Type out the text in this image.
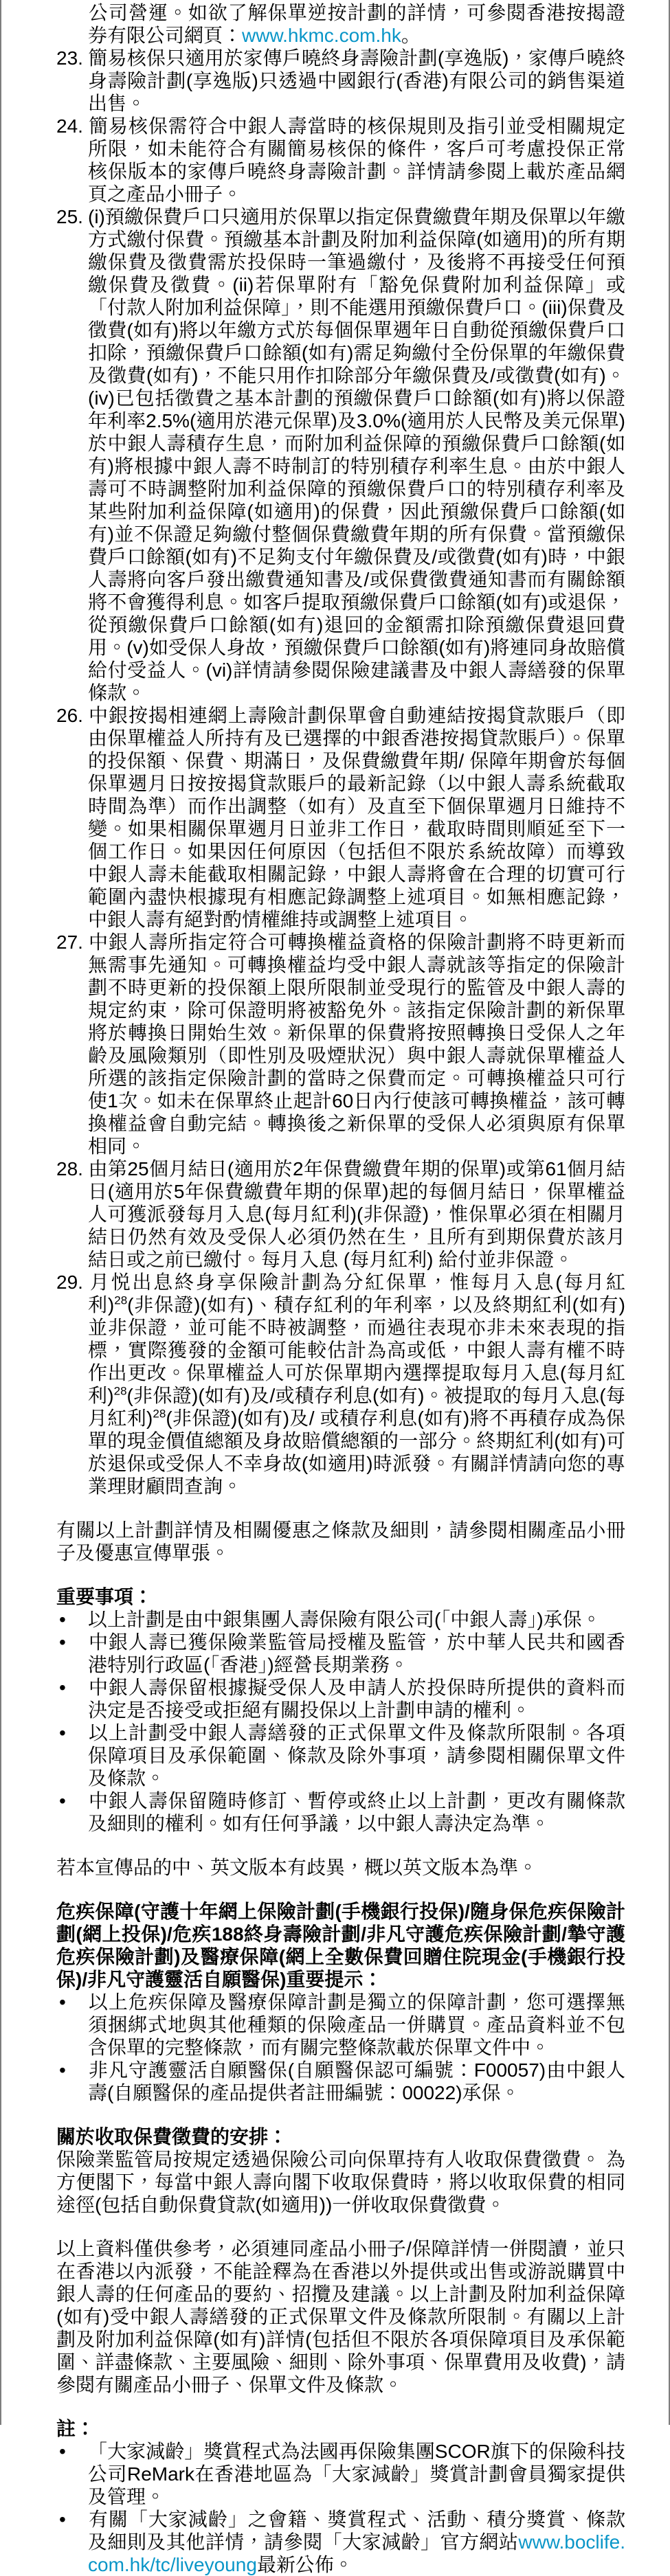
公司營運。如欲了解保單逆按計劃的詳情，可參閱香港按揭證券有限公司網頁：www.hkmc.com.hk。

23. 簡易核保只適用於家傳戶曉終身壽險計劃(享逸版)，家傳戶曉終身壽險計劃(享逸版)只透過中國銀行(香港)有限公司的銷售渠道出售。

24. 簡易核保需符合中銀人壽當時的核保規則及指引並受相關規定所限，如未能符合有關簡易核保的條件，客戶可考慮投保正常核保版本的家傳戶曉終身壽險計劃。詳情請參閱上載於產品網頁之產品小冊子。

25. (i)預繳保費戶口只適用於保單以指定保費繳費年期及保單以年繳方式繳付保費。預繳基本計劃及附加利益保障(如適用)的所有期繳保費及徵費需於投保時一筆過繳付，及後將不再接受任何預繳保費及徵費。(ii)若保單附有「豁免保費附加利益保障」或「付款人附加利益保障」，則不能選用預繳保費戶口。(iii)保費及徵費(如有)將以年繳方式於每個保單週年日自動從預繳保費戶口扣除，預繳保費戶口餘額(如有)需足夠繳付全份保單的年繳保費及徵費(如有)，不能只用作扣除部分年繳保費及/或徵費(如有)。(iv)已包括徵費之基本計劃的預繳保費戶口餘額(如有)將以保證年利率2.5%(適用於港元保單)及3.0%(適用於人民幣及美元保單)於中銀人壽積存生息，而附加利益保障的預繳保費戶口餘額(如有)將根據中銀人壽不時制訂的特別積存利率生息。由於中銀人壽可不時調整附加利益保障的預繳保費戶口的特別積存利率及某些附加利益保障(如適用)的保費，因此預繳保費戶口餘額(如有)並不保證足夠繳付整個保費繳費年期的所有保費。當預繳保費戶口餘額(如有)不足夠支付年繳保費及/或徵費(如有)時，中銀人壽將向客戶發出繳費通知書及/或保費徵費通知書而有關餘額將不會獲得利息。如客戶提取預繳保費戶口餘額(如有)或退保，從預繳保費戶口餘額(如有)退回的金額需扣除預繳保費退回費用。(v)如受保人身故，預繳保費戶口餘額(如有)將連同身故賠償給付受益人。(vi)詳情請參閱保險建議書及中銀人壽繕發的保單條款。

26. 中銀按揭相連網上壽險計劃保單會自動連結按揭貸款賬戶（即由保單權益人所持有及已選擇的中銀香港按揭貸款賬戶）。保單的投保額、保費、期滿日，及保費繳費年期/ 保障年期會於每個保單週月日按按揭貸款賬戶的最新記錄（以中銀人壽系統截取時間為準）而作出調整（如有）及直至下個保單週月日維持不變。如果相關保單週月日並非工作日，截取時間則順延至下一個工作日。如果因任何原因（包括但不限於系統故障）而導致中銀人壽未能截取相關記錄，中銀人壽將會在合理的切實可行範圍內盡快根據現有相應記錄調整上述項目。如無相應記錄，中銀人壽有絕對酌情權維持或調整上述項目。

27. 中銀人壽所指定符合可轉換權益資格的保險計劃將不時更新而無需事先通知。可轉換權益均受中銀人壽就該等指定的保險計劃不時更新的投保額上限所限制並受現行的監管及中銀人壽的規定約束，除可保證明將被豁免外。該指定保險計劃的新保單將於轉換日開始生效。新保單的保費將按照轉換日受保人之年齡及風險類別（即性別及吸煙狀況）與中銀人壽就保單權益人所選的該指定保險計劃的當時之保費而定。可轉換權益只可行使1次。如未在保單終止起計60日內行使該可轉換權益，該可轉換權益會自動完結。轉換後之新保單的受保人必須與原有保單相同。

28. 由第25個月結日(適用於2年保費繳費年期的保單)或第61個月結日(適用於5年保費繳費年期的保單)起的每個月結日，保單權益人可獲派發每月入息(每月紅利)(非保證)，惟保單必須在相關月結日仍然有效及受保人必須仍然在生，且所有到期保費於該月結日或之前已繳付。每月入息 (每月紅利) 給付並非保證。

29. 月悦出息終身享保險計劃為分紅保單，惟每月入息(每月紅利)$^{28}$(非保證)(如有)、積存紅利的年利率，以及終期紅利(如有)並非保證，並可能不時被調整，而過往表現亦非未來表現的指標，實際獲發的金額可能較估計為高或低，中銀人壽有權不時作出更改。保單權益人可於保單期內選擇提取每月入息(每月紅利)$^{28}$(非保證)(如有)及/或積存利息(如有)。被提取的每月入息(每月紅利)$^{28}$(非保證)(如有)及/ 或積存利息(如有)將不再積存成為保單的現金價值總額及身故賠償總額的一部分。終期紅利(如有)可於退保或受保人不幸身故(如適用)時派發。有關詳情請向您的專業理財顧問查詢。

有關以上計劃詳情及相關優惠之條款及細則，請參閱相關產品小冊子及優惠宣傳單張。

重要事項：

• 以上計劃是由中銀集團人壽保險有限公司(「中銀人壽」)承保。

• 中銀人壽已獲保險業監管局授權及監管，於中華人民共和國香港特別行政區(「香港」)經營長期業務。

• 中銀人壽保留根據擬受保人及申請人於投保時所提供的資料而決定是否接受或拒絕有關投保以上計劃申請的權利。

• 以上計劃受中銀人壽繕發的正式保單文件及條款所限制。各項保障項目及承保範圍、條款及除外事項，請參閱相關保單文件及條款。

• 中銀人壽保留隨時修訂、暫停或終止以上計劃，更改有關條款及細則的權利。如有任何爭議，以中銀人壽決定為準。

若本宣傳品的中、英文版本有歧異，概以英文版本為準。

危疾保障(守護十年網上保險計劃(手機銀行投保)/隨身保危疾保險計劃(網上投保)/危疾188終身壽險計劃/非凡守護危疾保險計劃/摯守護危疾保險計劃)及醫療保障(網上全數保費回贈住院現金(手機銀行投保)/非凡守護靈活自願醫保)重要提示：

• 以上危疾保障及醫療保障計劃是獨立的保障計劃，您可選擇無須捆綁式地與其他種類的保險產品一併購買。產品資料並不包含保單的完整條款，而有關完整條款載於保單文件中。

• 非凡守護靈活自願醫保(自願醫保認可編號：F00057)由中銀人壽(自願醫保的產品提供者註冊編號：00022)承保。

關於收取保費徵費的安排：

保險業監管局按規定透過保險公司向保單持有人收取保費徵費。 為方便閣下，每當中銀人壽向閣下收取保費時，將以收取保費的相同途徑(包括自動保費貸款(如適用))一併收取保費徵費。

以上資料僅供參考，必須連同產品小冊子/保障詳情一併閱讀，並只在香港以內派發，不能詮釋為在香港以外提供或出售或游説購買中銀人壽的任何產品的要約、招攬及建議。以上計劃及附加利益保障(如有)受中銀人壽繕發的正式保單文件及條款所限制。有關以上計劃及附加利益保障(如有)詳情(包括但不限於各項保障項目及承保範圍、詳盡條款、主要風險、細則、除外事項、保單費用及收費)，請參閱有關產品小冊子、保單文件及條款。

註：

• 「大家減齡」獎賞程式為法國再保險集團SCOR旗下的保險科技公司ReMark在香港地區為「大家減齡」獎賞計劃會員獨家提供及管理。

• 有關「大家減齡」之會籍、獎賞程式、活動、積分獎賞、條款及細則及其他詳情，請參閱「大家減齡」官方網站www.boclife.com.hk/tc/liveyoung最新公佈。
